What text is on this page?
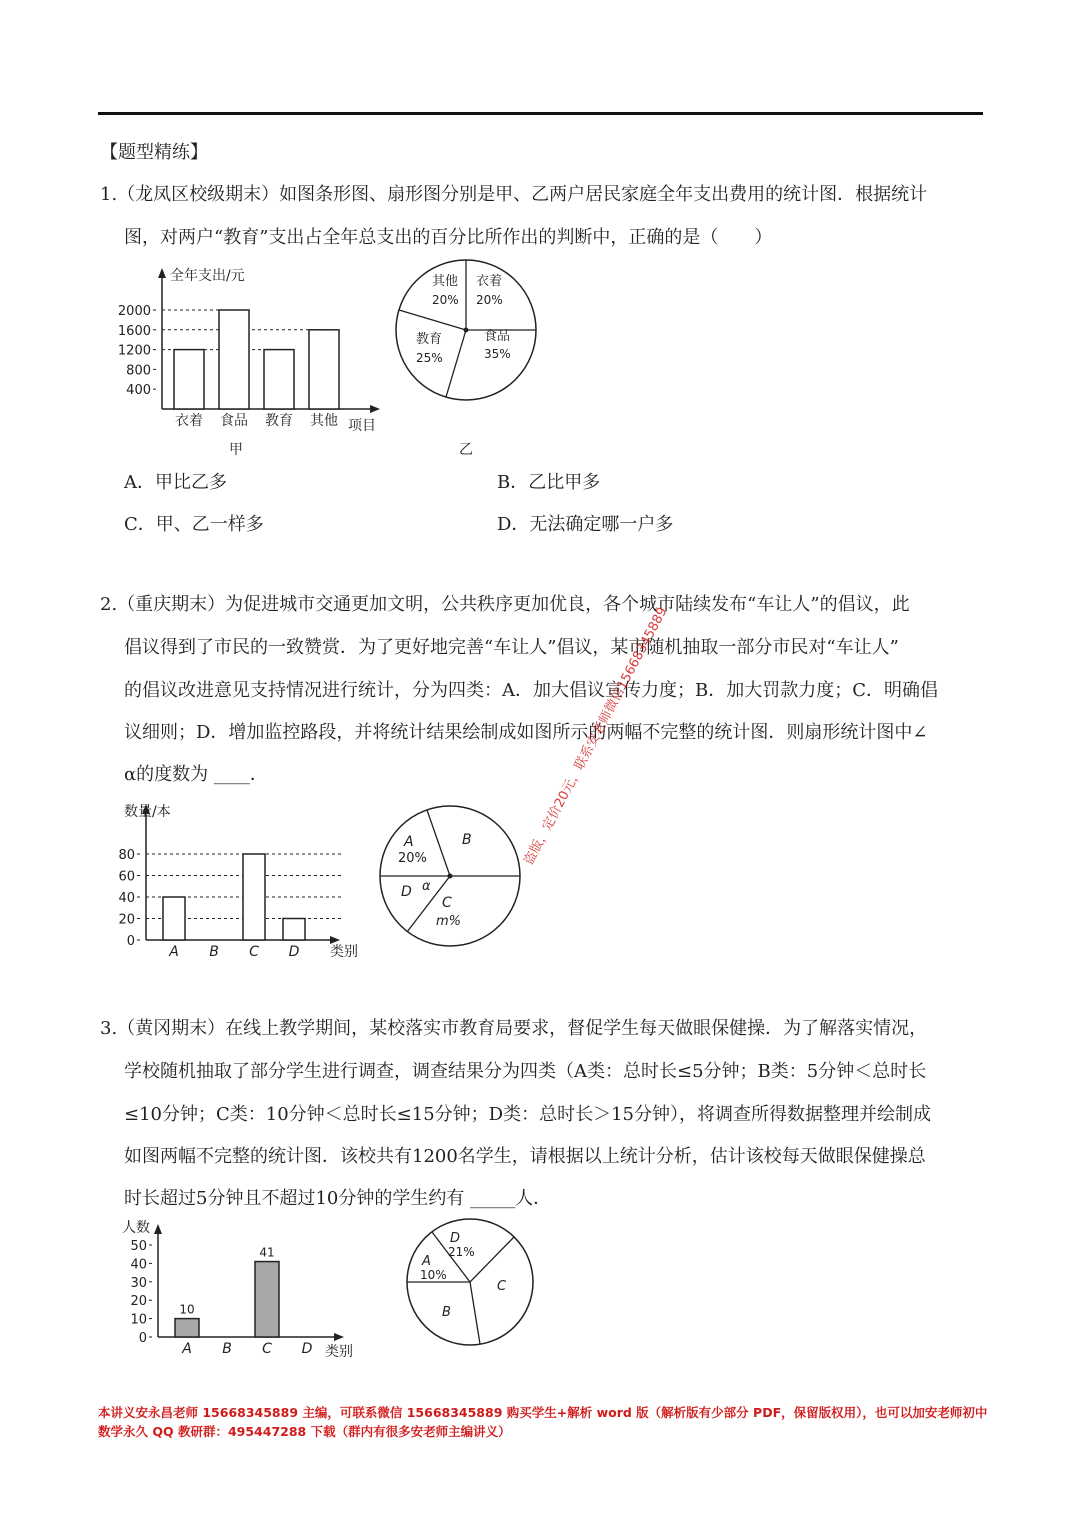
【题型精练】
1.（龙凤区校级期末）如图条形图、扇形图分别是甲、乙两户居民家庭全年支出费用的统计图．根据统计
图，对两户“教育”支出占全年总支出的百分比所作出的判断中，正确的是（　　）
全年支出/元
项目
甲
400
800
1200
1600
2000
衣着 食品 教育 其他
其他
20%
衣着
20%
食品
35%
教育
25%
乙
A．甲比乙多	B．乙比甲多
C．甲、乙一样多	D．无法确定哪一户多
2.（重庆期末）为促进城市交通更加文明，公共秩序更加优良，各个城市陆续发布“车让人”的倡议，此
倡议得到了市民的一致赞赏．为了更好地完善“车让人”倡议，某市随机抽取一部分市民对“车让人”
的倡议改进意见支持情况进行统计，分为四类：A．加大倡议宣传力度；B．加大罚款力度；C．明确倡
议细则；D．增加监控路段，并将统计结果绘制成如图所示的两幅不完整的统计图．则扇形统计图中∠
α的度数为 ____．
数量/本
类别
0
20
40
60
80
A B C D
A
20%
B
C
m%
D α
3.（黄冈期末）在线上教学期间，某校落实市教育局要求，督促学生每天做眼保健操．为了解落实情况，
学校随机抽取了部分学生进行调查，调查结果分为四类（A类：总时长≤5分钟；B类：5分钟＜总时长
≤10分钟；C类：10分钟＜总时长≤15分钟；D类：总时长＞15分钟），将调查所得数据整理并绘制成
如图两幅不完整的统计图．该校共有1200名学生，请根据以上统计分析，估计该校每天做眼保健操总
时长超过5分钟且不超过10分钟的学生约有 _____人．
人数
类别
0
10
20
30
40
50
10
41
A B C D
D
21%
A
10%
B
C
盗版，定价20元，联系安老师微信15668345889
本讲义安永昌老师 15668345889 主编，可联系微信 15668345889 购买学生+解析 word 版（解析版有少部分 PDF，保留版权用），也可以加安老师初中数学永久 QQ 教研群：495447288 下载（群内有很多安老师主编讲义）
